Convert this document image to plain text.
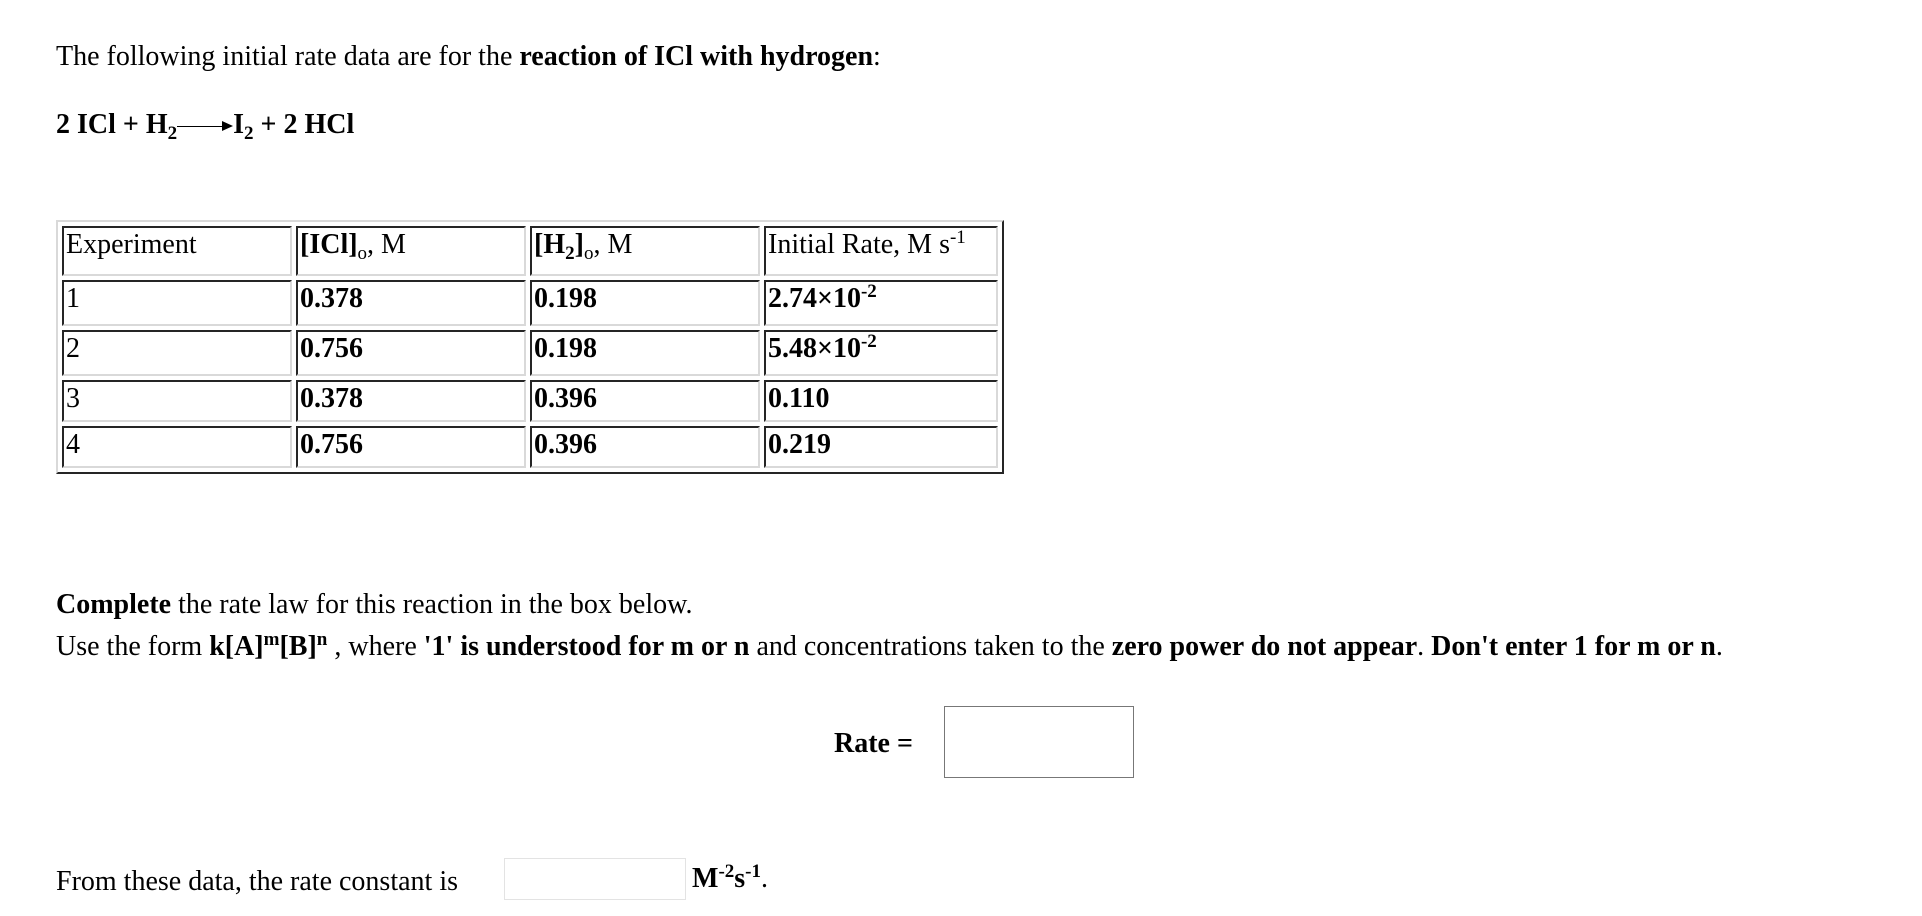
The following initial rate data are for the reaction of ICl with hydrogen:
2 ICl + $H_2$ $I_2 + 2$ HCl
Experiment	$[ICl]_o$, M	$[H_2]_o$, M	Initial Rate, M $s^{-1}$
1	0.378	0.198	$2.74\times 10^{-2}$
2	0.756	0.198	$5.48\times 10^{-2}$
3	0.378	0.396	0.110
4	0.756	0.396	0.219
Complete the rate law for this reaction in the box below.
Use the form $k[A]^m[B]^n$ , where '1' is understood for m or n and concentrations taken to the zero power do not appear. Don't enter 1 for m or n.
Rate =
From these data, the rate constant is	$M^{-2}s^{-1}$.
